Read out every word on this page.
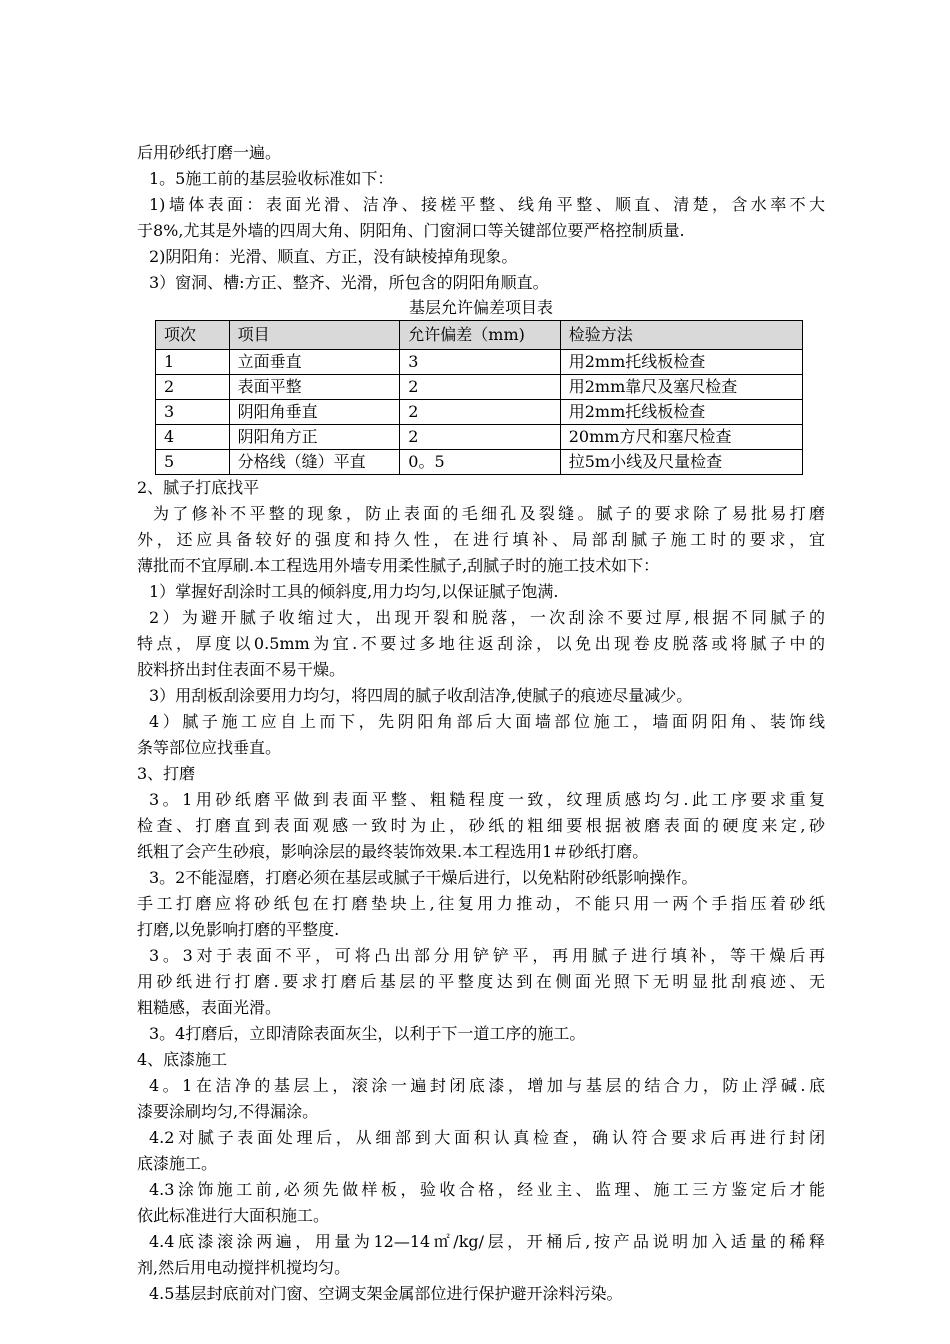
后用砂纸打磨一遍。
1。5施工前的基层验收标准如下：
1)墙体表面：表面光滑、洁净、接槎平整、线角平整、顺直、清楚，含水率不大
于8%,尤其是外墙的四周大角、阴阳角、门窗洞口等关键部位要严格控制质量.
2)阴阳角：光滑、顺直、方正，没有缺棱掉角现象。
3）窗洞、槽:方正、整齐、光滑，所包含的阴阳角顺直。
基层允许偏差项目表
项次	项目	允许偏差（mm)	检验方法
1	立面垂直	3	用2mm托线板检查
2	表面平整	2	用2mm靠尺及塞尺检查
3	阴阳角垂直	2	用2mm托线板检查
4	阴阳角方正	2	20mm方尺和塞尺检查
5	分格线（缝）平直	0。5	拉5m小线及尺量检查
2、腻子打底找平
为了修补不平整的现象，防止表面的毛细孔及裂缝。腻子的要求除了易批易打磨
外，还应具备较好的强度和持久性，在进行填补、局部刮腻子施工时的要求，宜
薄批而不宜厚刷.本工程选用外墙专用柔性腻子,刮腻子时的施工技术如下：
1）掌握好刮涂时工具的倾斜度,用力均匀,以保证腻子饱满.
2）为避开腻子收缩过大，出现开裂和脱落，一次刮涂不要过厚,根据不同腻子的
特点，厚度以0.5mm为宜.不要过多地往返刮涂，以免出现卷皮脱落或将腻子中的
胶料挤出封住表面不易干燥。
3）用刮板刮涂要用力均匀，将四周的腻子收刮洁净,使腻子的痕迹尽量减少。
4）腻子施工应自上而下，先阴阳角部后大面墙部位施工，墙面阴阳角、装饰线
条等部位应找垂直。
3、打磨
3。1用砂纸磨平做到表面平整、粗糙程度一致，纹理质感均匀.此工序要求重复
检查、打磨直到表面观感一致时为止，砂纸的粗细要根据被磨表面的硬度来定,砂
纸粗了会产生砂痕，影响涂层的最终装饰效果.本工程选用1＃砂纸打磨。
3。2不能湿磨，打磨必须在基层或腻子干燥后进行，以免粘附砂纸影响操作。
手工打磨应将砂纸包在打磨垫块上,往复用力推动，不能只用一两个手指压着砂纸
打磨,以免影响打磨的平整度.
3。3对于表面不平，可将凸出部分用铲铲平，再用腻子进行填补，等干燥后再
用砂纸进行打磨.要求打磨后基层的平整度达到在侧面光照下无明显批刮痕迹、无
粗糙感，表面光滑。
3。4打磨后，立即清除表面灰尘，以利于下一道工序的施工。
4、底漆施工
4。1在洁净的基层上，滚涂一遍封闭底漆，增加与基层的结合力，防止浮碱.底
漆要涂刷均匀,不得漏涂。
4.2对腻子表面处理后，从细部到大面积认真检查，确认符合要求后再进行封闭
底漆施工。
4.3涂饰施工前,必须先做样板，验收合格，经业主、监理、施工三方鉴定后才能
依此标准进行大面积施工。
4.4底漆滚涂两遍，用量为12—14㎡/kg/层，开桶后,按产品说明加入适量的稀释
剂,然后用电动搅拌机搅均匀。
4.5基层封底前对门窗、空调支架金属部位进行保护避开涂料污染。
